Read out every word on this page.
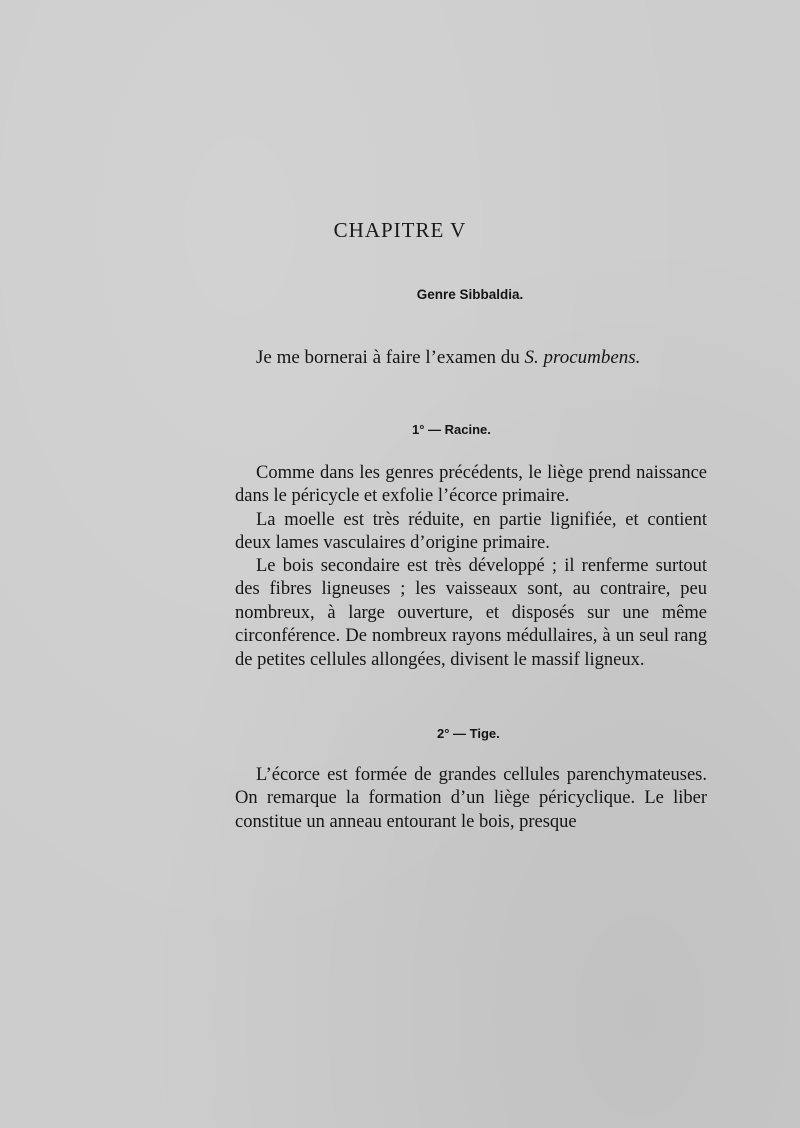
CHAPITRE V
Genre Sibbaldia.
Je me bornerai à faire l’examen du S. procumbens.
1° — Racine.

Comme dans les genres précédents, le liège prend naissance dans le péricycle et exfolie l’écorce primaire.

La moelle est très réduite, en partie lignifiée, et contient deux lames vasculaires d’origine primaire.

Le bois secondaire est très développé ; il renferme surtout des fibres ligneuses ; les vaisseaux sont, au contraire, peu nombreux, à large ouverture, et disposés sur une même circonférence. De nombreux rayons médullaires, à un seul rang de petites cellules allongées, divisent le massif ligneux.

2° — Tige.

L’écorce est formée de grandes cellules parenchymateuses. On remarque la formation d’un liège péricyclique. Le liber constitue un anneau entourant le bois, presque
